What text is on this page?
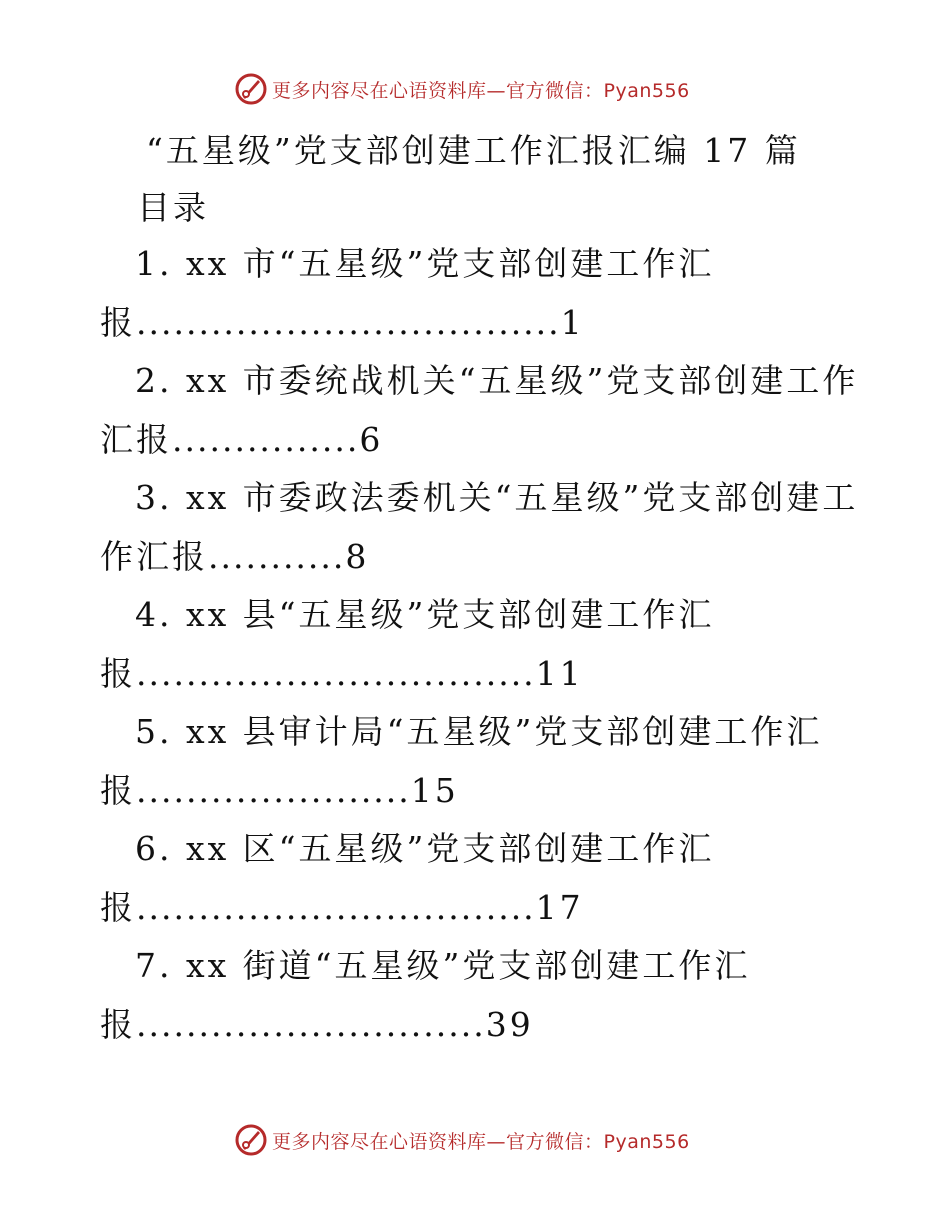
更多内容尽在心语资料库—官方微信：Pyan556
“五星级”党支部创建工作汇报汇编 17 篇
目录
1. xx 市“五星级”党支部创建工作汇
报..................................1
2. xx 市委统战机关“五星级”党支部创建工作
汇报...............6
3. xx 市委政法委机关“五星级”党支部创建工
作汇报...........8
4. xx 县“五星级”党支部创建工作汇
报................................11
5. xx 县审计局“五星级”党支部创建工作汇
报......................15
6. xx 区“五星级”党支部创建工作汇
报................................17
7. xx 街道“五星级”党支部创建工作汇
报............................39
更多内容尽在心语资料库—官方微信：Pyan556
